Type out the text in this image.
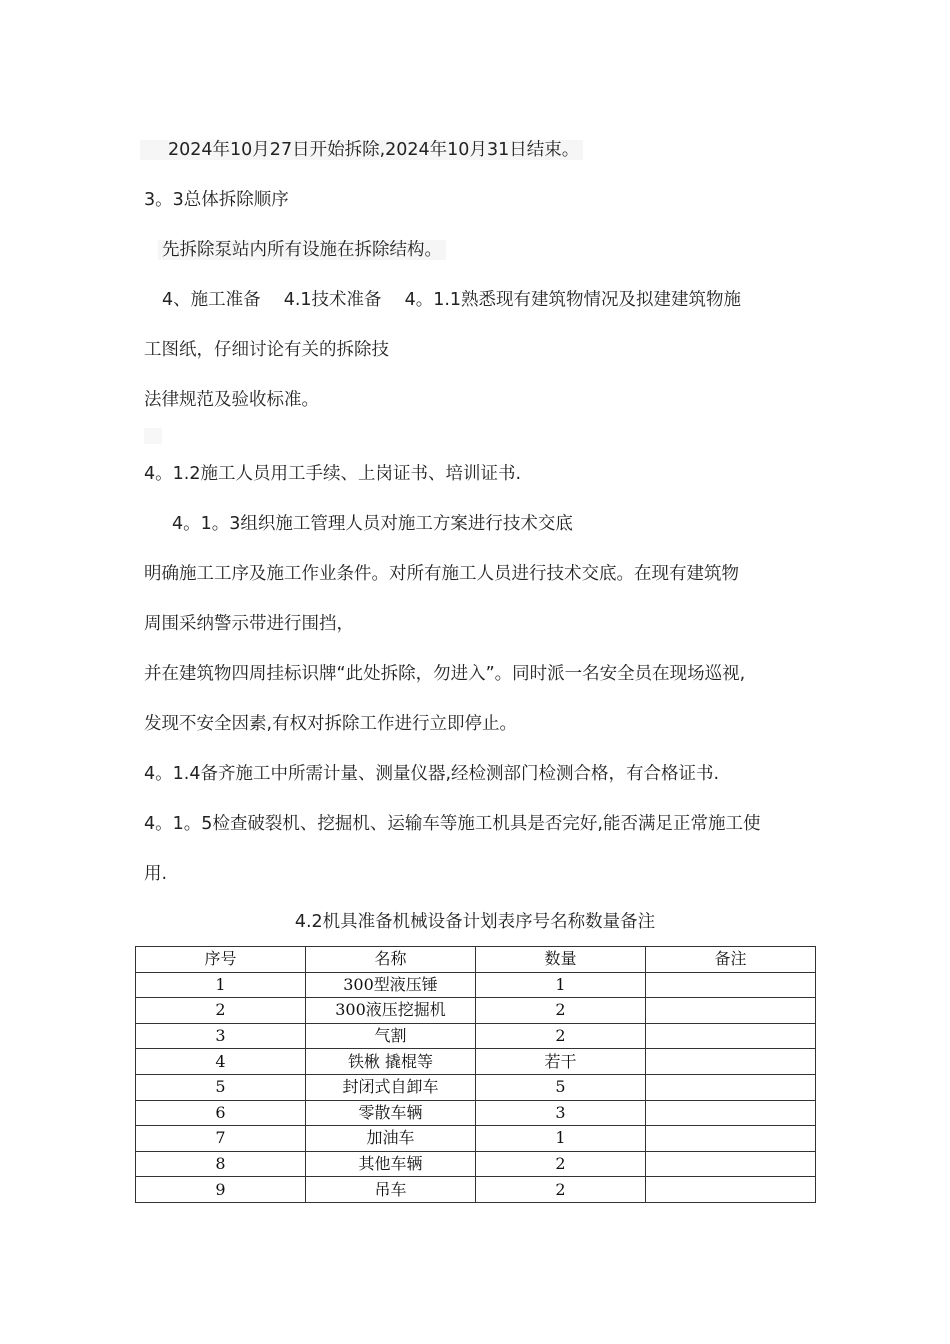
2024年10月27日开始拆除,2024年10月31日结束。
3。3总体拆除顺序
先拆除泵站内所有设施在拆除结构。
4、施工准备　 4.1技术准备　 4。1.1熟悉现有建筑物情况及拟建建筑物施
工图纸，仔细讨论有关的拆除技
法律规范及验收标准。
4。1.2施工人员用工手续、上岗证书、培训证书.
4。1。3组织施工管理人员对施工方案进行技术交底
明确施工工序及施工作业条件。对所有施工人员进行技术交底。在现有建筑物
周围采纳警示带进行围挡，
并在建筑物四周挂标识牌“此处拆除，勿进入”。同时派一名安全员在现场巡视,
发现不安全因素,有权对拆除工作进行立即停止。
4。1.4备齐施工中所需计量、测量仪器,经检测部门检测合格，有合格证书.
4。1。5检查破裂机、挖掘机、运输车等施工机具是否完好,能否满足正常施工使
用.
4.2机具准备机械设备计划表序号名称数量备注
序号	名称	数量	备注
1	300型液压锤	1	
2	300液压挖掘机	2	
3	气割	2	
4	铁楸 撬棍等	若干	
5	封闭式自卸车	5	
6	零散车辆	3	
7	加油车	1	
8	其他车辆	2	
9	吊车	2	
